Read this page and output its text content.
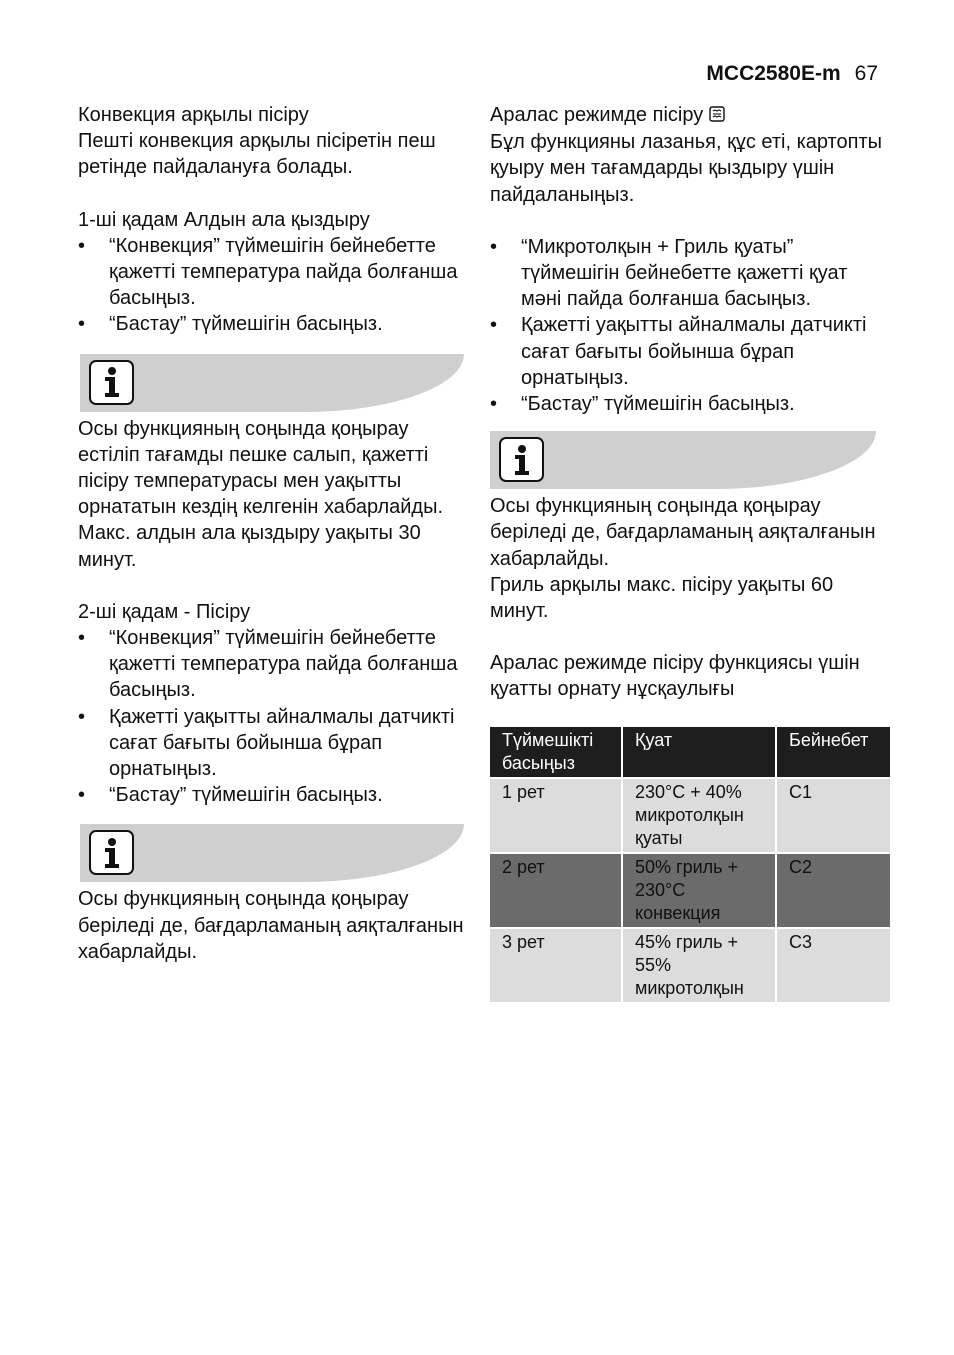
MCC2580E-m 67

Конвекция арқылы пісіру

Пешті конвекция арқылы пісіретін пеш ретінде пайдалануға болады.

1-ші қадам Алдын ала қыздыру

• “Конвекция” түймешігін бейнебетте қажетті температура пайда болғанша басыңыз.
• “Бастау” түймешігін басыңыз.

Осы функцияның соңында қоңырау естіліп тағамды пешке салып, қажетті пісіру температурасы мен уақытты орнататын кездің келгенін хабарлайды.

Макс. алдын ала қыздыру уақыты 30 минут.

2-ші қадам - Пісіру

• “Конвекция” түймешігін бейнебетте қажетті температура пайда болғанша басыңыз.
• Қажетті уақытты айналмалы датчикті сағат бағыты бойынша бұрап орнатыңыз.
• “Бастау” түймешігін басыңыз.

Осы функцияның соңында қоңырау беріледі де, бағдарламаның аяқталғанын хабарлайды.

Аралас режимде пісіру

Бұл функцияны лазанья, құс еті, картопты қуыру мен тағамдарды қыздыру үшін пайдаланыңыз.

• “Микротолқын + Гриль қуаты” түймешігін бейнебетте қажетті қуат мәні пайда болғанша басыңыз.
• Қажетті уақытты айналмалы датчикті сағат бағыты бойынша бұрап орнатыңыз.
• “Бастау” түймешігін басыңыз.

Осы функцияның соңында қоңырау беріледі де, бағдарламаның аяқталғанын хабарлайды.

Гриль арқылы макс. пісіру уақыты 60 минут.

Аралас режимде пісіру функциясы үшін қуатты орнату нұсқаулығы

Түймешікті басыңыз	Қуат	Бейнебет
1 рет	230°C + 40% микротолқын қуаты	C1
2 рет	50% гриль + 230°C конвекция	C2
3 рет	45% гриль + 55% микротолқын	C3
